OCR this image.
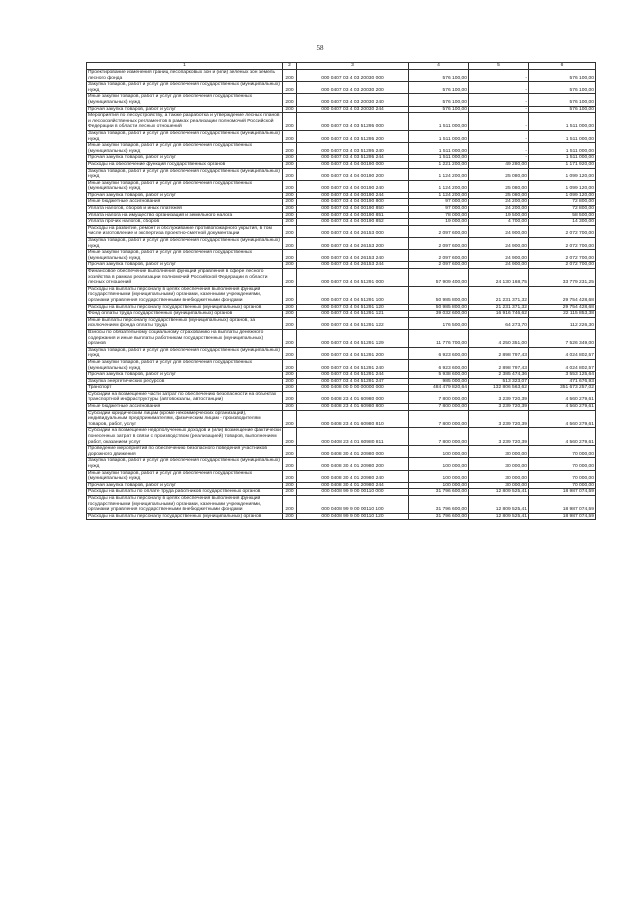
58
1	2	3	4	5	6
Проектирование изменения границ лесопарковых зон и (или) зеленых зон земель лесного фонда	200	000 0407 03 4 03 20030 000	576 100,00	-	576 100,00
Закупка товаров, работ и услуг для обеспечения государственных (муниципальных) нужд	200	000 0407 03 4 03 20030 200	576 100,00	-	576 100,00
Иные закупки товаров, работ и услуг для обеспечения государственных (муниципальных) нужд	200	000 0407 03 4 03 20030 240	576 100,00	-	576 100,00
Прочая закупка товаров, работ и услуг	200	000 0407 03 4 03 20030 244	576 100,00	-	576 100,00
Мероприятия по лесоустройству, а также разработка и утверждение лесных планов и лесохозяйственных регламентов в рамках реализации полномочий Российской Федерации в области лесных отношений	200	000 0407 03 4 03 51295 000	1 511 000,00	-	1 511 000,00
Закупка товаров, работ и услуг для обеспечения государственных (муниципальных) нужд	200	000 0407 03 4 03 51295 200	1 511 000,00	-	1 511 000,00
Иные закупки товаров, работ и услуг для обеспечения государственных (муниципальных) нужд	200	000 0407 03 4 03 51295 240	1 511 000,00	-	1 511 000,00
Прочая закупка товаров, работ и услуг	200	000 0407 03 4 03 51295 244	1 511 000,00	-	1 511 000,00
Расходы на обеспечение функций государственных органов	200	000 0407 03 4 04 00190 000	1 221 200,00	49 280,00	1 171 920,00
Закупка товаров, работ и услуг для обеспечения государственных (муниципальных) нужд	200	000 0407 03 4 04 00190 200	1 124 200,00	25 080,00	1 099 120,00
Иные закупки товаров, работ и услуг для обеспечения государственных (муниципальных) нужд	200	000 0407 03 4 04 00190 240	1 124 200,00	25 080,00	1 099 120,00
Прочая закупка товаров, работ и услуг	200	000 0407 03 4 04 00190 244	1 124 200,00	25 080,00	1 099 120,00
Иные бюджетные ассигнования	200	000 0407 03 4 04 00190 800	97 000,00	24 200,00	72 800,00
Уплата налогов, сборов и иных платежей	200	000 0407 03 4 04 00190 850	97 000,00	24 200,00	72 800,00
Уплата налога на имущество организаций и земельного налога	200	000 0407 03 4 04 00190 851	78 000,00	19 500,00	58 500,00
Уплата прочих налогов, сборов	200	000 0407 03 4 04 00190 852	19 000,00	4 700,00	14 300,00
Расходы на развитие, ремонт и обслуживание противопожарного укрытия, в том числе изготовление и экспертиза проектно-сметной документации	200	000 0407 03 4 04 26153 000	2 097 600,00	24 900,00	2 072 700,00
Закупка товаров, работ и услуг для обеспечения государственных (муниципальных) нужд	200	000 0407 03 4 04 26153 200	2 097 600,00	24 900,00	2 072 700,00
Иные закупки товаров, работ и услуг для обеспечения государственных (муниципальных) нужд	200	000 0407 03 4 04 26153 240	2 097 600,00	24 900,00	2 072 700,00
Прочая закупка товаров, работ и услуг	200	000 0407 03 4 04 26153 244	2 097 600,00	24 900,00	2 072 700,00
Финансовое обеспечение выполнения функций управления в сфере лесного хозяйства в рамках реализации полномочий Российской Федерации в области лесных отношений	200	000 0407 03 4 04 51291 000	57 909 400,00	24 130 168,75	33 779 231,25
Расходы на выплаты персоналу в целях обеспечения выполнения функций государственными (муниципальными) органами, казенными учреждениями, органами управления государственными внебюджетными фондами	200	000 0407 03 4 04 51291 100	50 985 800,00	21 231 371,32	29 754 428,68
Расходы на выплаты персоналу государственных (муниципальных) органов	200	000 0407 03 4 04 51291 120	50 985 800,00	21 231 371,32	29 754 428,68
Фонд оплаты труда государственных (муниципальных) органов	200	000 0407 03 4 04 51291 121	39 032 600,00	16 916 746,62	22 115 853,38
Иные выплаты персоналу государственных (муниципальных) органов, за исключением фонда оплаты труда	200	000 0407 03 4 04 51291 122	176 500,00	64 273,70	112 226,30
Взносы по обязательному социальному страхованию на выплаты денежного содержания и иные выплаты работникам государственных (муниципальных) органов	200	000 0407 03 4 04 51291 129	11 776 700,00	4 250 351,00	7 526 349,00
Закупка товаров, работ и услуг для обеспечения государственных (муниципальных) нужд	200	000 0407 03 4 04 51291 200	6 923 600,00	2 898 797,43	4 024 802,57
Иные закупки товаров, работ и услуг для обеспечения государственных (муниципальных) нужд	200	000 0407 03 4 04 51291 240	6 923 600,00	2 898 797,43	4 024 802,57
Прочая закупка товаров, работ и услуг	200	000 0407 03 4 04 51291 244	5 938 600,00	2 385 474,36	3 553 125,64
Закупка энергетических ресурсов	200	000 0407 03 4 04 51291 247	985 000,00	513 323,07	471 676,93
Транспорт	200	000 0408 00 0 00 00000 000	484 479 820,64	132 806 563,62	351 673 257,02
Субсидии на возмещение части затрат по обеспечению безопасности на объектах транспортной инфраструктуры (автовокзалы, автостанции)	200	000 0408 23 4 01 60980 000	7 800 000,00	3 239 720,39	4 560 279,61
Иные бюджетные ассигнования	200	000 0408 23 4 01 60980 800	7 800 000,00	3 239 720,39	4 560 279,61
Субсидии юридическим лицам (кроме некоммерческих организаций), индивидуальным предпринимателям, физическим лицам - производителям товаров, работ, услуг	200	000 0408 23 4 01 60980 810	7 800 000,00	3 239 720,39	4 560 279,61
Субсидии на возмещение недополученных доходов и (или) возмещение фактически понесенных затрат в связи с производством (реализацией) товаров, выполнением работ, оказанием услуг	200	000 0408 23 4 01 60980 811	7 800 000,00	3 239 720,39	4 560 279,61
Проведение мероприятий по обеспечению безопасного поведения участников дорожного движения	200	000 0408 30 4 01 20980 000	100 000,00	30 000,00	70 000,00
Закупка товаров, работ и услуг для обеспечения государственных (муниципальных) нужд	200	000 0408 30 4 01 20980 200	100 000,00	30 000,00	70 000,00
Иные закупки товаров, работ и услуг для обеспечения государственных (муниципальных) нужд	200	000 0408 30 4 01 20980 240	100 000,00	30 000,00	70 000,00
Прочая закупка товаров, работ и услуг	200	000 0408 30 4 01 20980 244	100 000,00	30 000,00	70 000,00
Расходы на выплаты по оплате труда работников государственных органов	200	000 0408 99 9 00 00110 000	31 796 600,00	12 809 525,41	18 987 074,59
Расходы на выплаты персоналу в целях обеспечения выполнения функций государственными (муниципальными) органами, казенными учреждениями, органами управления государственными внебюджетными фондами	200	000 0408 99 9 00 00110 100	31 796 600,00	12 809 525,41	18 987 074,59
Расходы на выплаты персоналу государственных (муниципальных) органов	200	000 0408 99 9 00 00110 120	31 796 600,00	12 809 525,41	18 987 074,59
